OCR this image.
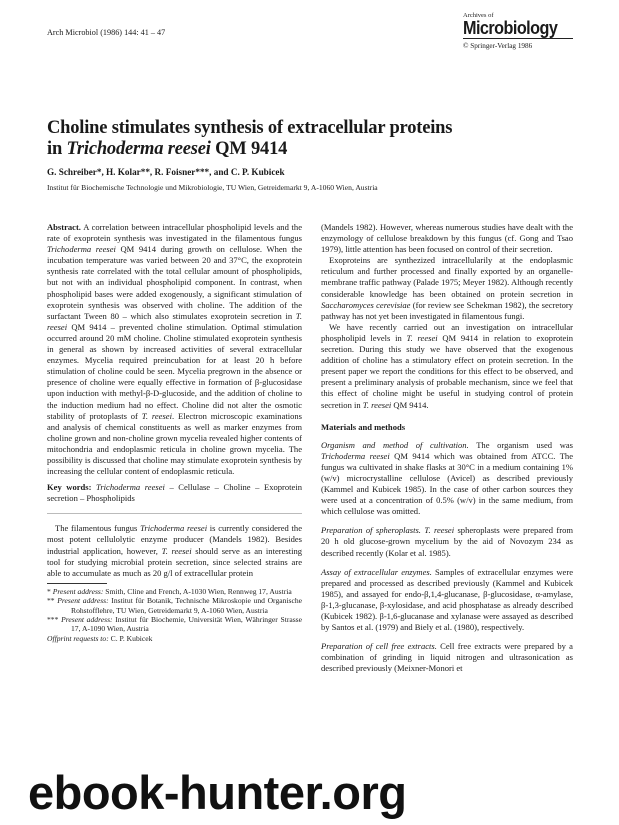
Arch Microbiol (1986) 144: 41 – 47
Archives of
Microbiology
© Springer-Verlag 1986
Choline stimulates synthesis of extracellular proteins
in Trichoderma reesei QM 9414
G. Schreiber*, H. Kolar**, R. Foisner***, and C. P. Kubicek
Institut für Biochemische Technologie und Mikrobiologie, TU Wien, Getreidemarkt 9, A-1060 Wien, Austria

Abstract. A correlation between intracellular phospholipid levels and the rate of exoprotein synthesis was investigated in the filamentous fungus Trichoderma reesei QM 9414 during growth on cellulose. When the incubation temperature was varied between 20 and 37°C, the exoprotein synthesis rate correlated with the total cellular amount of phospholipids, but not with an individual phospholipid component. In contrast, when phospholipid bases were added exogenously, a significant stimulation of exoprotein synthesis was observed with choline. The addition of the surfactant Tween 80 – which also stimulates exoprotein secretion in T. reesei QM 9414 – prevented choline stimulation. Optimal stimulation occurred around 20 mM choline. Choline stimulated exoprotein synthesis in general as shown by increased activities of several extracellular enzymes. Mycelia required preincubation for at least 20 h before stimulation of choline could be seen. Mycelia pregrown in the absence or presence of choline were equally effective in formation of β-glucosidase upon induction with methyl-β-D-glucoside, and the addition of choline to the induction medium had no effect. Choline did not alter the osmotic stability of protoplasts of T. reesei. Electron microscopic examinations and analysis of chemical constituents as well as marker enzymes from choline grown and non-choline grown mycelia revealed higher contents of mitochondria and endoplasmic reticula in choline grown mycelia. The possibility is discussed that choline may stimulate exoprotein synthesis by increasing the cellular content of endoplasmic reticula.

Key words: Trichoderma reesei – Cellulase – Choline – Exoprotein secretion – Phospholipids

The filamentous fungus Trichoderma reesei is currently considered the most potent cellulolytic enzyme producer (Mandels 1982). Besides industrial application, however, T. reesei should serve as an interesting tool for studying microbial protein secretion, since selected strains are able to accumulate as much as 20 g/l of extracellular protein

* Present address: Smith, Cline and French, A-1030 Wien, Rennweg 17, Austria
** Present address: Institut für Botanik, Technische Mikroskopie und Organische Rohstofflehre, TU Wien, Getreidemarkt 9, A-1060 Wien, Austria
*** Present address: Institut für Biochemie, Universität Wien, Währinger Strasse 17, A-1090 Wien, Austria
Offprint requests to: C. P. Kubicek

(Mandels 1982). However, whereas numerous studies have dealt with the enzymology of cellulose breakdown by this fungus (cf. Gong and Tsao 1979), little attention has been focused on control of their secretion.

Exoproteins are synthezized intracellularily at the endoplasmic reticulum and further processed and finally exported by an organelle-membrane traffic pathway (Palade 1975; Meyer 1982). Although recently considerable knowledge has been obtained on protein secretion in Saccharomyces cerevisiae (for review see Schekman 1982), the secretory pathway has not yet been investigated in filamentous fungi.

We have recently carried out an investigation on intracellular phospholipid levels in T. reesei QM 9414 in relation to exoprotein secretion. During this study we have observed that the exogenous addition of choline has a stimulatory effect on protein secretion. In the present paper we report the conditions for this effect to be observed, and present a preliminary analysis of probable mechanism, since we feel that this effect of choline might be useful in studying control of protein secretion in T. reesei QM 9414.

Materials and methods

Organism and method of cultivation. The organism used was Trichoderma reesei QM 9414 which was obtained from ATCC. The fungus wa cultivated in shake flasks at 30°C in a medium containing 1% (w/v) microcrystalline cellulose (Avicel) as described previously (Kammel and Kubicek 1985). In the case of other carbon sources they were used at a concentration of 0.5% (w/v) in the same medium, from which cellulose was omitted.

Preparation of spheroplasts. T. reesei spheroplasts were prepared from 20 h old glucose-grown mycelium by the aid of Novozym 234 as described recently (Kolar et al. 1985).

Assay of extracellular enzymes. Samples of extracellular enzymes were prepared and processed as described previously (Kammel and Kubicek 1985), and assayed for endo-β,1,4-glucanase, β-glucosidase, α-amylase, β-1,3-glucanase, β-xylosidase, and acid phosphatase as already described (Kubicek 1982). β-1,6-glucanase and xylanase were assayed as described by Santos et al. (1979) and Biely et al. (1980), respectively.

Preparation of cell free extracts. Cell free extracts were prepared by a combination of grinding in liquid nitrogen and ultrasonication as described previously (Meixner-Monori et

ebook-hunter.org
